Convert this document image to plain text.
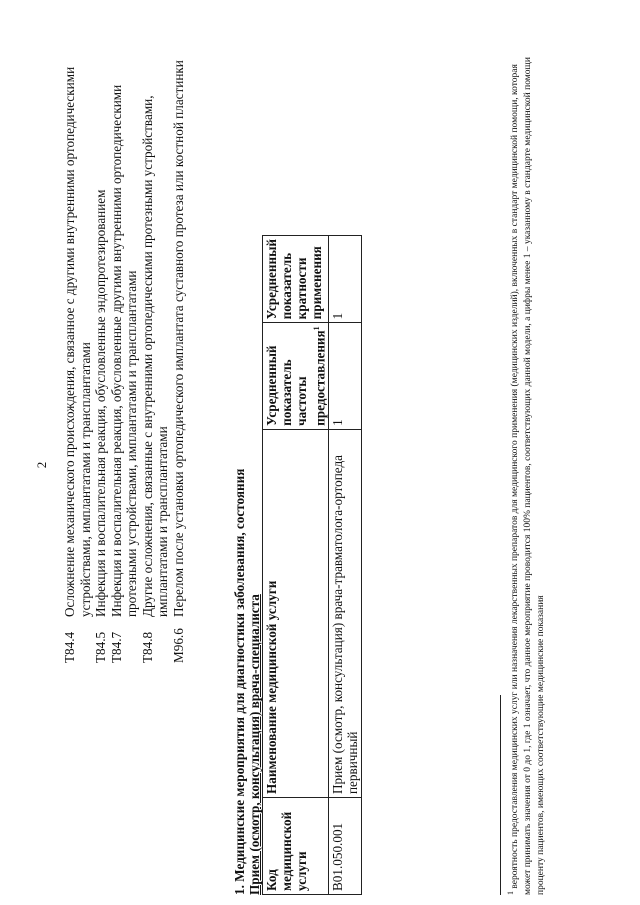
2
T84.4
Осложнение механического происхождения, связанное с другими внутренними ортопедическими устройствами, имплантатами и трансплантатами
T84.5
Инфекция и воспалительная реакция, обусловленные эндопротезированием
T84.7
Инфекция и воспалительная реакция, обусловленные другими внутренними ортопедическими протезными устройствами, имплантатами и трансплантатами
T84.8
Другие осложнения, связанные с внутренними ортопедическими протезными устройствами, имплантатами и трансплантатами
M96.6
Перелом после установки ортопедического имплантата суставного протеза или костной пластинки
1. Медицинские мероприятия для диагностики заболевания, состояния Прием (осмотр, консультация) врача-специалиста Код медицинской услуги	Наименование медицинской услуги	Усредненный показатель частоты предоставления$^1$	Усредненный показатель кратности применения
B01.050.001	Прием (осмотр, консультация) врача-травматолога-ортопеда первичный	1	1
$^1$ вероятность предоставления медицинских услуг или назначения лекарственных препаратов для медицинского применения (медицинских изделий), включенных в стандарт медицинской помощи, которая может принимать значения от 0 до 1, где 1 означает, что данное мероприятие проводится 100% пациентов, соответствующих данной модели, а цифры менее 1 – указанному в стандарте медицинской помощи проценту пациентов, имеющих соответствующие медицинские показания
